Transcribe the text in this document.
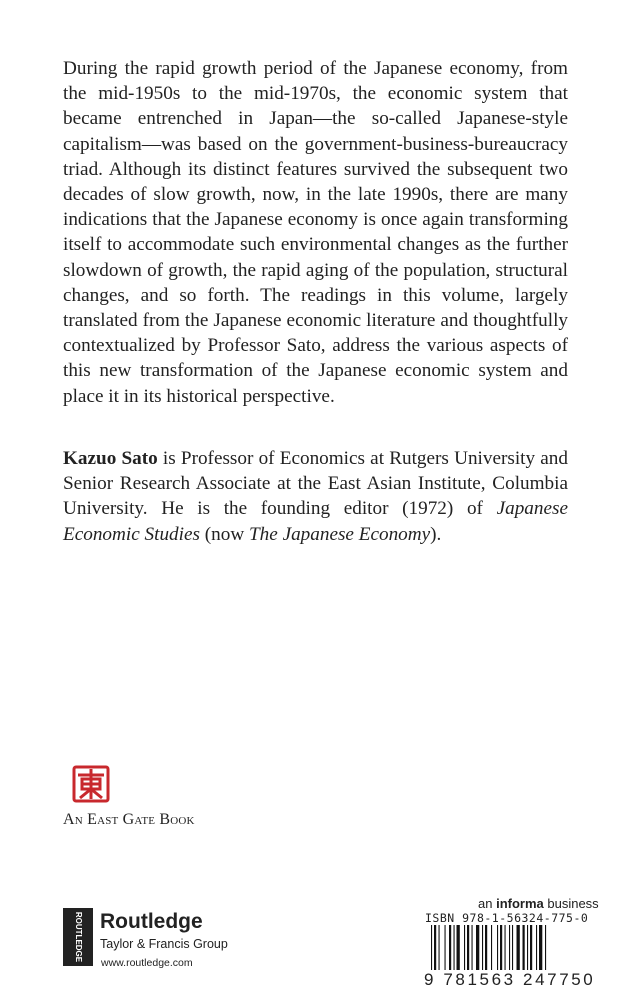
During the rapid growth period of the Japanese economy, from the mid-1950s to the mid-1970s, the economic system that became entrenched in Japan—the so-called Japanese-style capitalism—was based on the government-business-bureaucracy triad. Although its distinct features survived the subsequent two decades of slow growth, now, in the late 1990s, there are many indications that the Japanese economy is once again transforming itself to accommodate such environmental changes as the further slowdown of growth, the rapid aging of the population, structural changes, and so forth. The readings in this volume, largely translated from the Japanese economic literature and thoughtfully contextualized by Professor Sato, address the various aspects of this new transformation of the Japanese economic system and place it in its historical perspective.

Kazuo Sato is Professor of Economics at Rutgers University and Senior Research Associate at the East Asian Institute, Columbia University. He is the founding editor (1972) of Japanese Economic Studies (now The Japanese Economy).
An East Gate Book
an informa business
ISBN 978-1-56324-775-0
9 781563 247750
ROUTLEDGE Routledge
Taylor & Francis Group
www.routledge.com
